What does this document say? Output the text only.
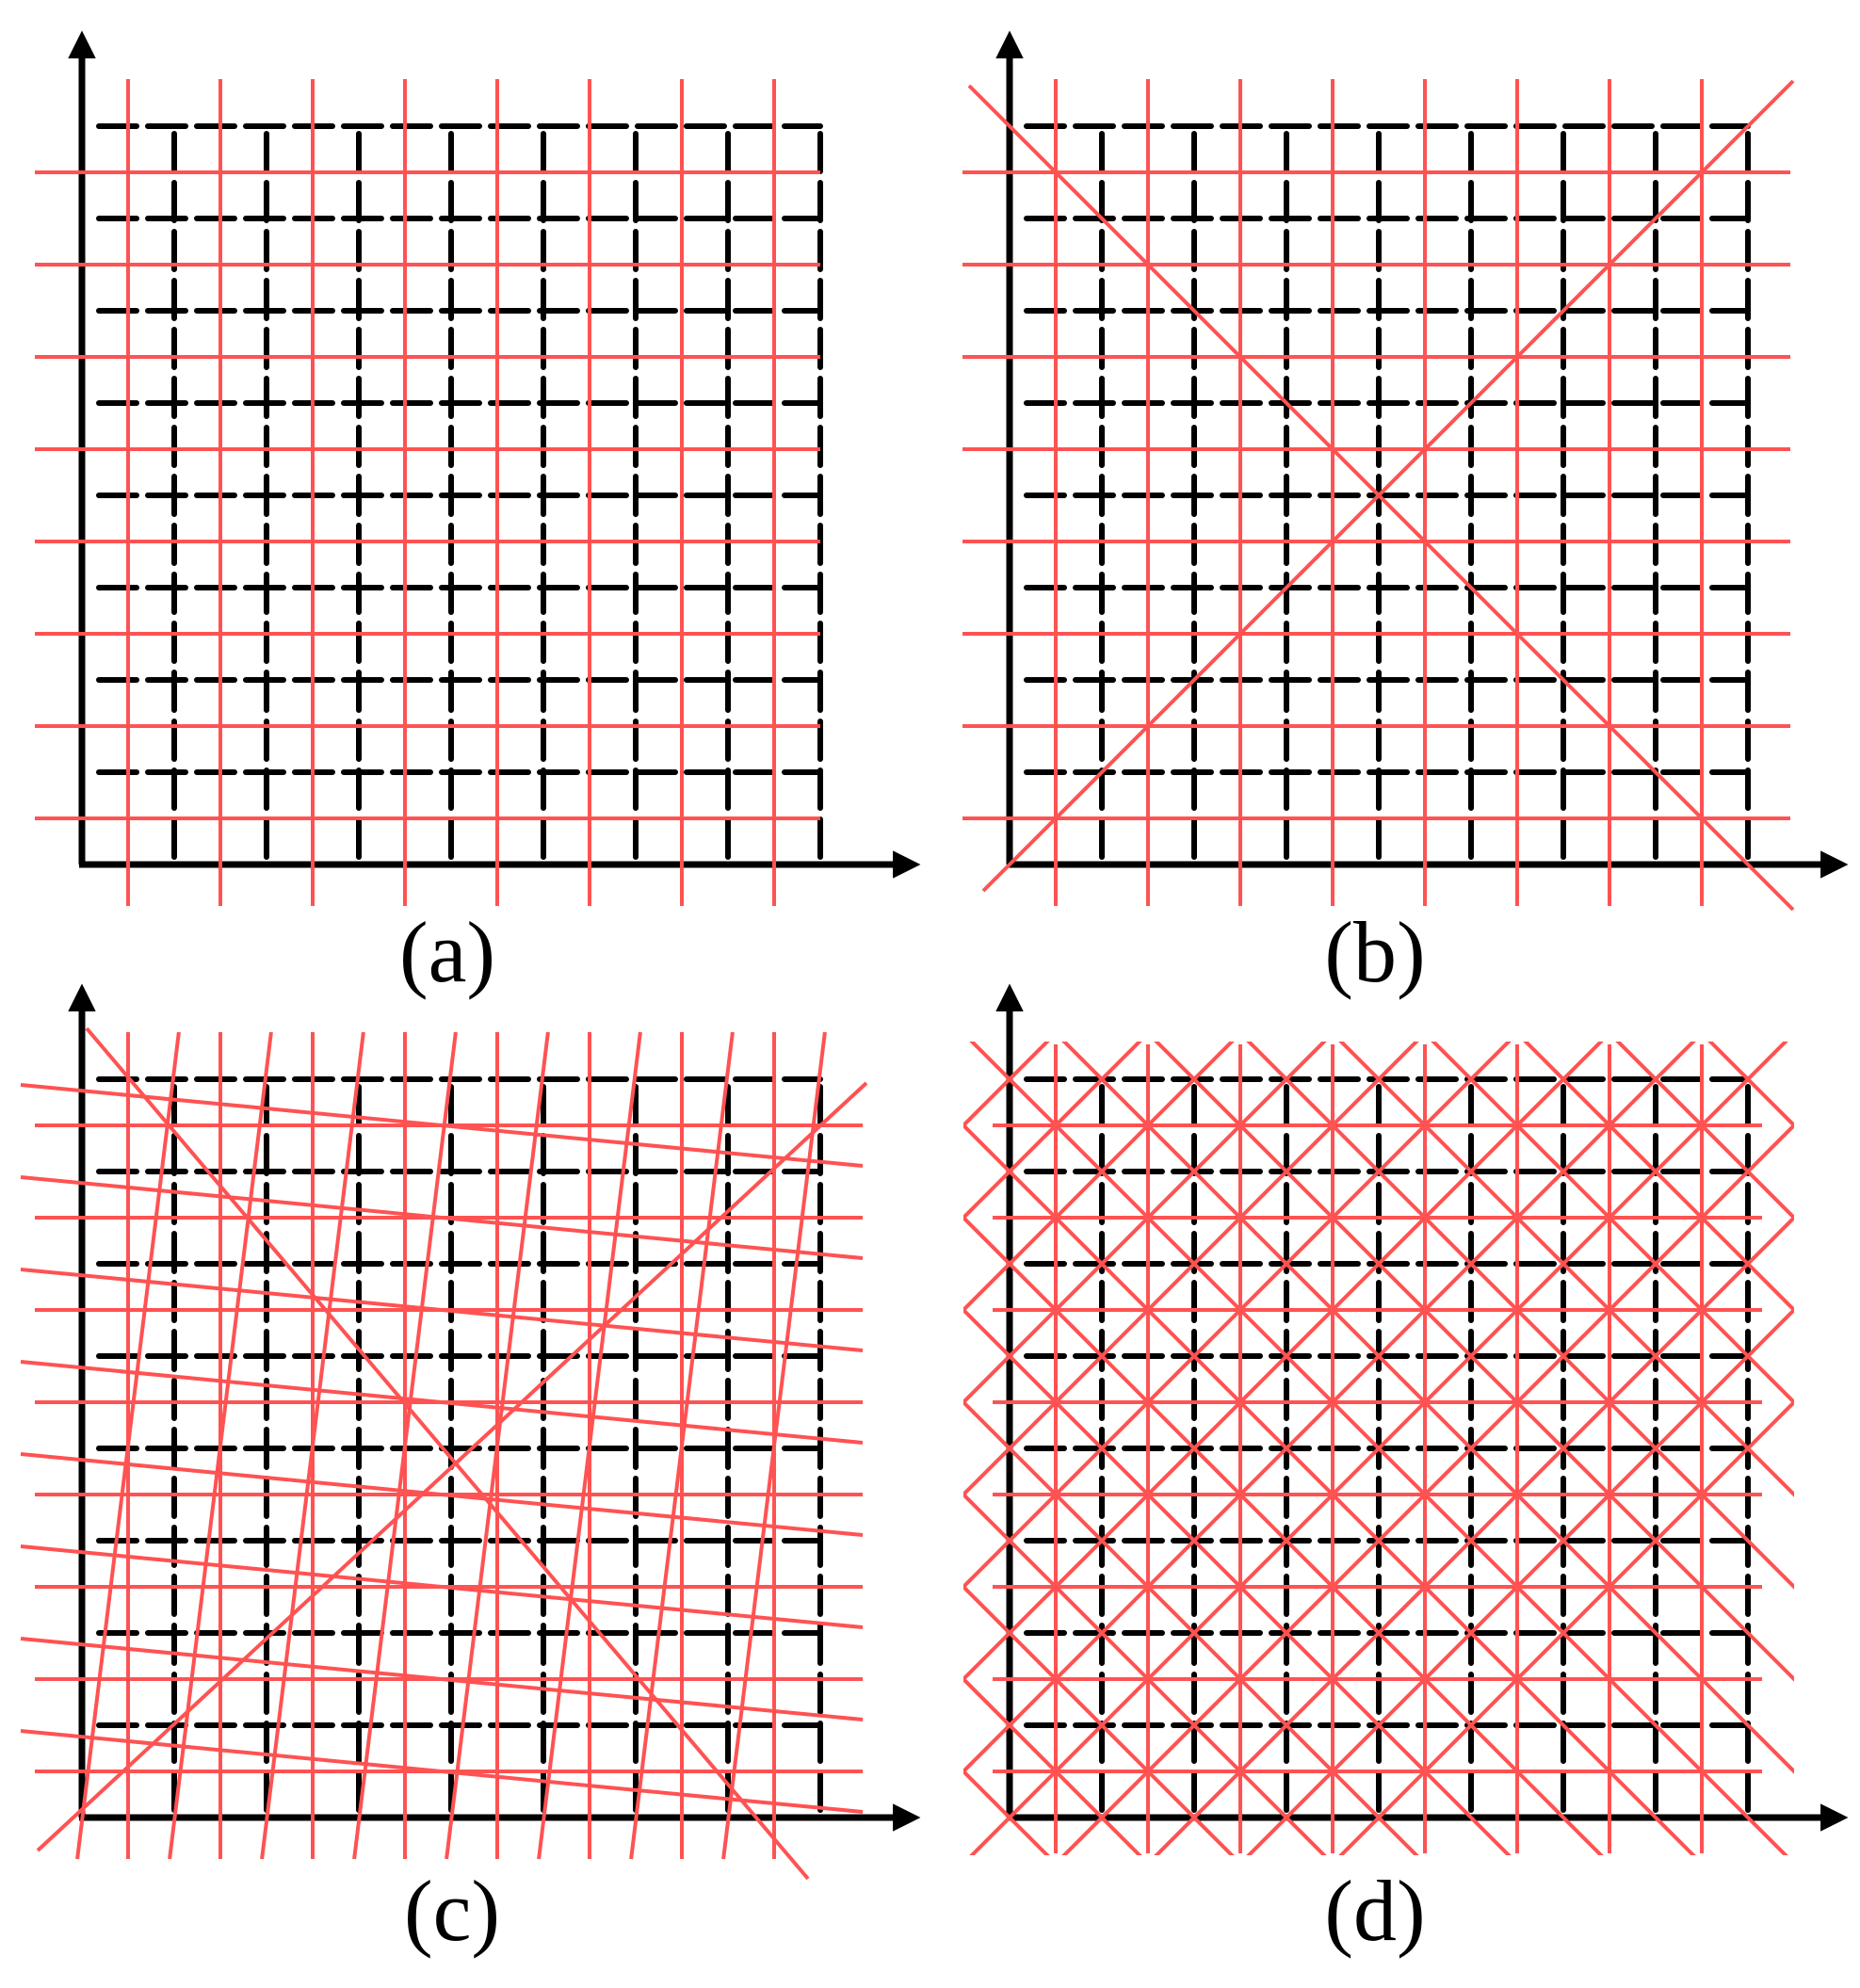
(a)	(b)
(c)	(d)
